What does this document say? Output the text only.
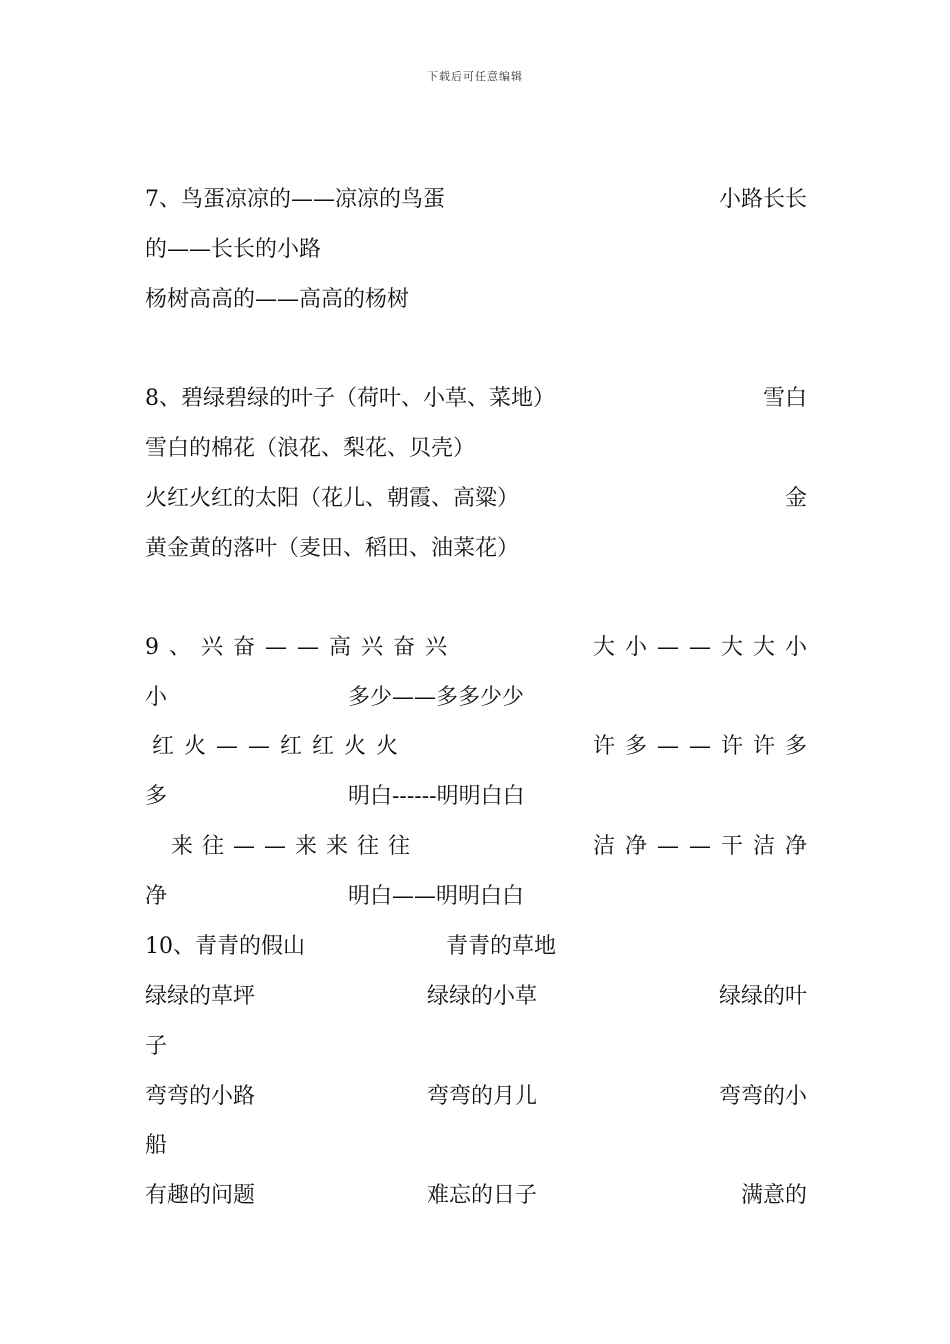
下载后可任意编辑
7、鸟蛋凉凉的——凉凉的鸟蛋	小路长长
的——长长的小路
杨树高高的——高高的杨树
8、碧绿碧绿的叶子（荷叶、小草、菜地）	雪白
雪白的棉花（浪花、梨花、贝壳）
火红火红的太阳（花儿、朝霞、高粱）	金
黄金黄的落叶（麦田、稻田、油菜花）
9、兴奋——高兴奋兴	大小——大大小
小	多少——多多少少
红火——红红火火	许多——许许多
多	明白------明明白白
来往——来来往往	洁净——干洁净
净	明白——明明白白
10、青青的假山	青青的草地
绿绿的草坪	绿绿的小草	绿绿的叶
子
弯弯的小路	弯弯的月儿	弯弯的小
船
有趣的问题	难忘的日子	满意的
